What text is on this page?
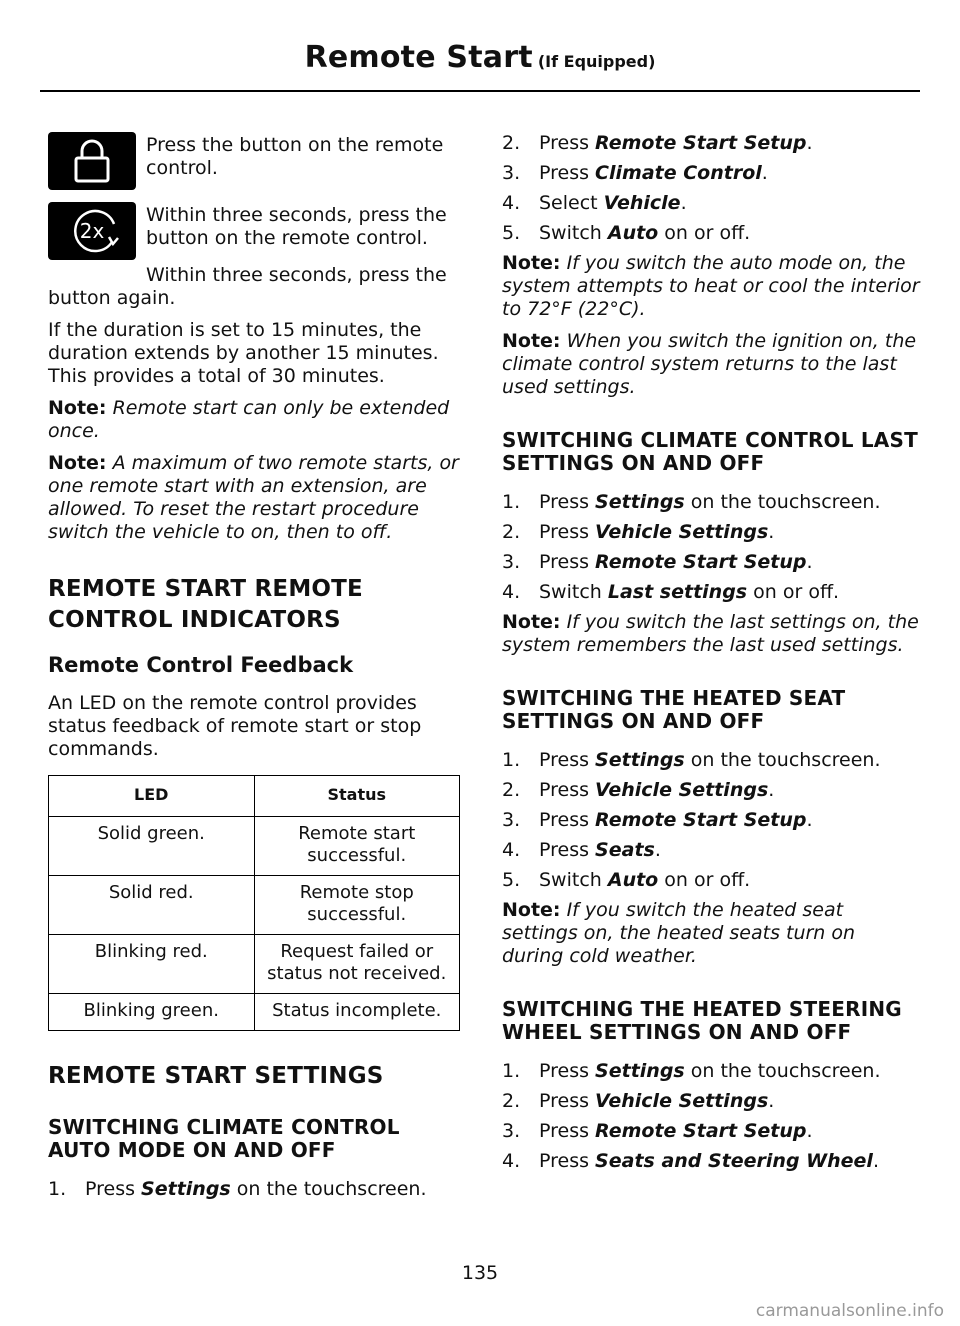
Remote Start (If Equipped)
Press the button on the remote control.
2x
Within three seconds, press the button on the remote control.

Within three seconds, press the button again.

If the duration is set to 15 minutes, the duration extends by another 15 minutes. This provides a total of 30 minutes.

Note: Remote start can only be extended once.

Note: A maximum of two remote starts, or one remote start with an extension, are allowed. To reset the restart procedure switch the vehicle to on, then to off.

REMOTE START REMOTE
CONTROL INDICATORS
Remote Control Feedback

An LED on the remote control provides status feedback of remote start or stop commands.

LED	Status
Solid green.	Remote start successful.
Solid red.	Remote stop successful.
Blinking red.	Request failed or status not received.
Blinking green.	Status incomplete.
REMOTE START SETTINGS
SWITCHING CLIMATE CONTROL AUTO MODE ON AND OFF
1. Press Settings on the touchscreen.
2. Press Remote Start Setup.
3. Press Climate Control.
4. Select Vehicle.
5. Switch Auto on or off.

Note: If you switch the auto mode on, the system attempts to heat or cool the interior to 72°F (22°C).

Note: When you switch the ignition on, the climate control system returns to the last used settings.

SWITCHING CLIMATE CONTROL LAST SETTINGS ON AND OFF
1. Press Settings on the touchscreen.
2. Press Vehicle Settings.
3. Press Remote Start Setup.
4. Switch Last settings on or off.

Note: If you switch the last settings on, the system remembers the last used settings.

SWITCHING THE HEATED SEAT SETTINGS ON AND OFF
1. Press Settings on the touchscreen.
2. Press Vehicle Settings.
3. Press Remote Start Setup.
4. Press Seats.
5. Switch Auto on or off.

Note: If you switch the heated seat settings on, the heated seats turn on during cold weather.

SWITCHING THE HEATED STEERING WHEEL SETTINGS ON AND OFF
1. Press Settings on the touchscreen.
2. Press Vehicle Settings.
3. Press Remote Start Setup.
4. Press Seats and Steering Wheel.
135
carmanualsonline.info
